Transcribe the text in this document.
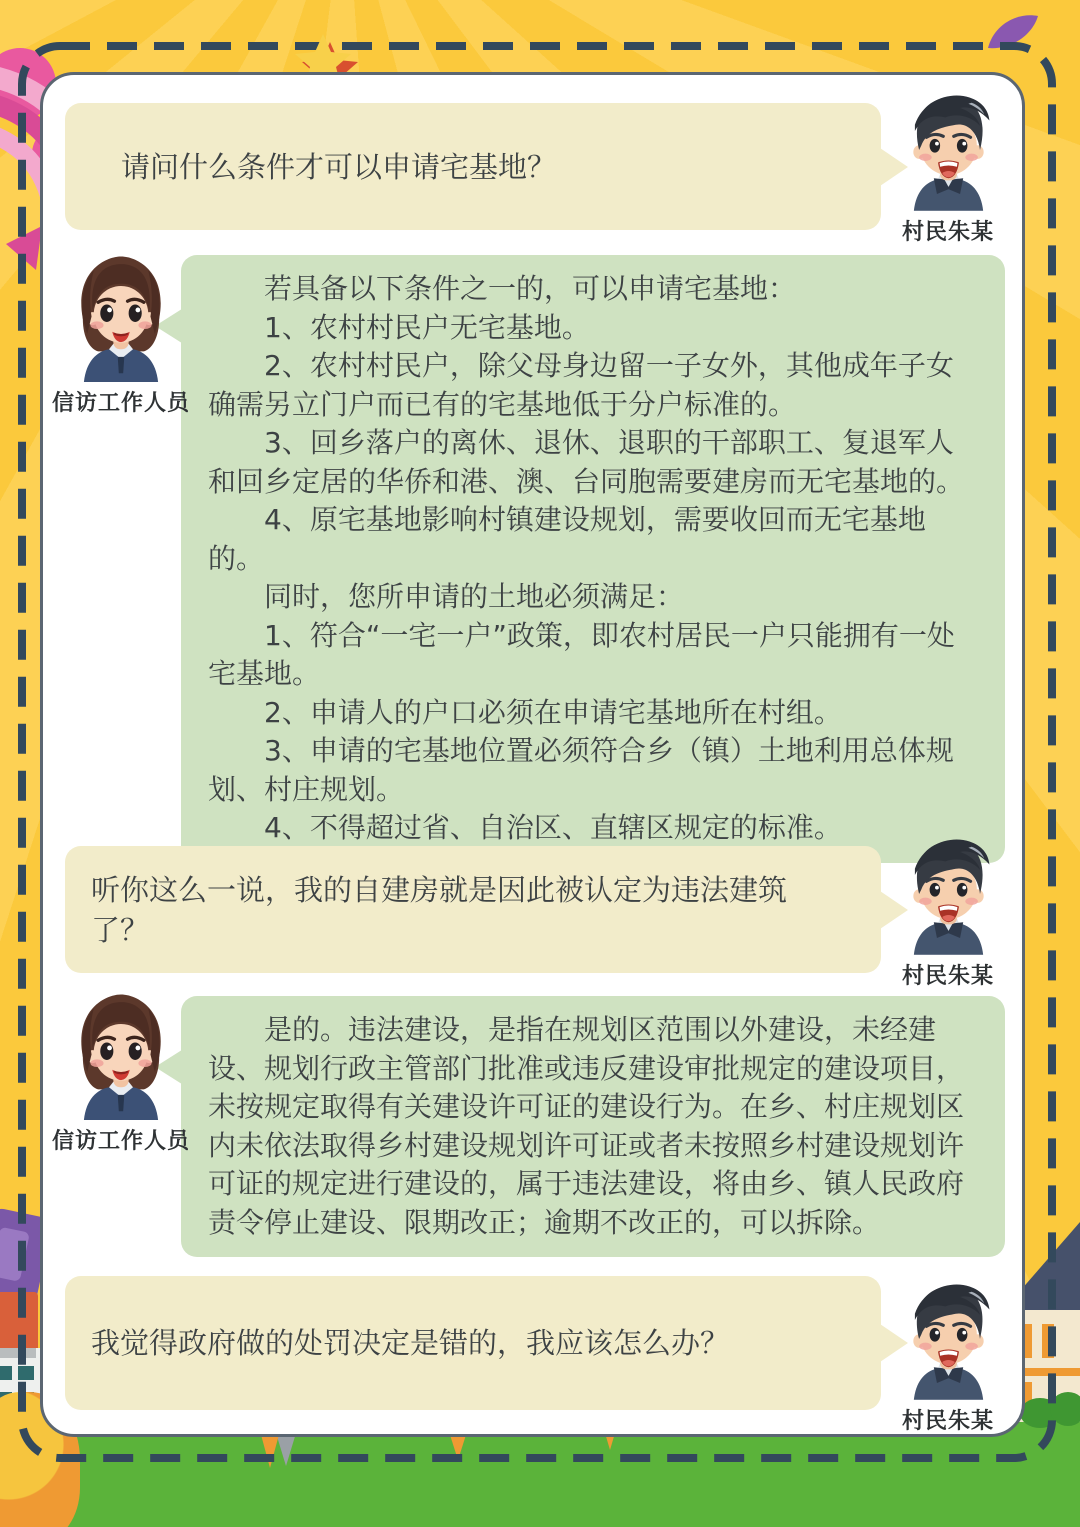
请问什么条件才可以申请宅基地？
村民朱某

若具备以下条件之一的，可以申请宅基地：

1、农村村民户无宅基地。

2、农村村民户，除父母身边留一子女外，其他成年子女确需另立门户而已有的宅基地低于分户标准的。

3、回乡落户的离休、退休、退职的干部职工、复退军人和回乡定居的华侨和港、澳、台同胞需要建房而无宅基地的。

4、原宅基地影响村镇建设规划，需要收回而无宅基地的。

同时，您所申请的土地必须满足：

1、符合“一宅一户”政策，即农村居民一户只能拥有一处宅基地。

2、申请人的户口必须在申请宅基地所在村组。

3、申请的宅基地位置必须符合乡（镇）土地利用总体规划、村庄规划。

4、不得超过省、自治区、直辖区规定的标准。

信访工作人员
听你这么一说，我的自建房就是因此被认定为违法建筑了？
村民朱某

是的。违法建设，是指在规划区范围以外建设，未经建设、规划行政主管部门批准或违反建设审批规定的建设项目，未按规定取得有关建设许可证的建设行为。在乡、村庄规划区内未依法取得乡村建设规划许可证或者未按照乡村建设规划许可证的规定进行建设的，属于违法建设，将由乡、镇人民政府责令停止建设、限期改正；逾期不改正的，可以拆除。

信访工作人员
我觉得政府做的处罚决定是错的，我应该怎么办？
村民朱某
